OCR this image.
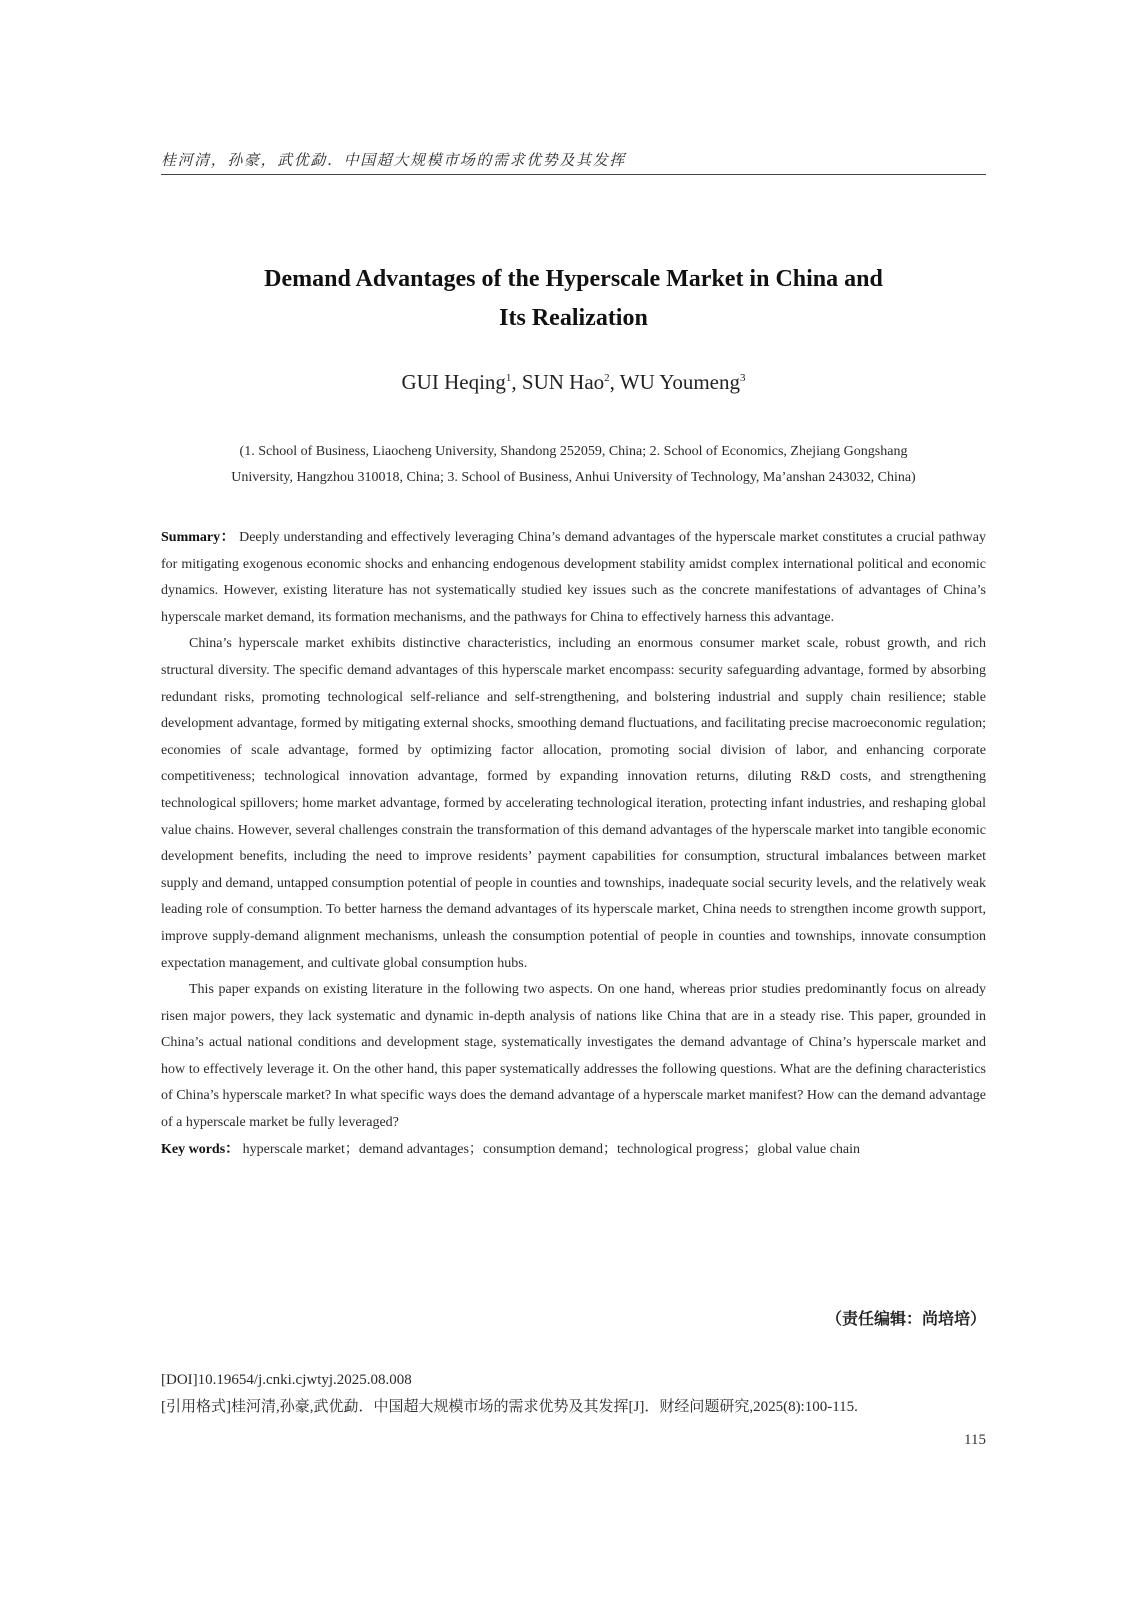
桂河清，孙豪，武优勐．中国超大规模市场的需求优势及其发挥
Demand Advantages of the Hyperscale Market in China and
Its Realization
GUI Heqing$^1$, SUN Hao$^2$, WU Youmeng$^3$
(1. School of Business, Liaocheng University, Shandong 252059, China; 2. School of Economics, Zhejiang Gongshang
University, Hangzhou 310018, China; 3. School of Business, Anhui University of Technology, Ma’anshan 243032, China)

Summary： Deeply understanding and effectively leveraging China’s demand advantages of the hyperscale market constitutes a crucial pathway for mitigating exogenous economic shocks and enhancing endogenous development stability amidst complex international political and economic dynamics. However, existing literature has not systematically studied key issues such as the concrete manifestations of advantages of China’s hyperscale market demand, its formation mechanisms, and the pathways for China to effectively harness this advantage.

China’s hyperscale market exhibits distinctive characteristics, including an enormous consumer market scale, robust growth, and rich structural diversity. The specific demand advantages of this hyperscale market encompass: security safeguarding advantage, formed by absorbing redundant risks, promoting technological self-reliance and self-strengthening, and bolstering industrial and supply chain resilience; stable development advantage, formed by mitigating external shocks, smoothing demand fluctuations, and facilitating precise macroeconomic regulation; economies of scale advantage, formed by optimizing factor allocation, promoting social division of labor, and enhancing corporate competitiveness; technological innovation advantage, formed by expanding innovation returns, diluting R&D costs, and strengthening technological spillovers; home market advantage, formed by accelerating technological iteration, protecting infant industries, and reshaping global value chains. However, several challenges constrain the transformation of this demand advantages of the hyperscale market into tangible economic development benefits, including the need to improve residents’ payment capabilities for consumption, structural imbalances between market supply and demand, untapped consumption potential of people in counties and townships, inadequate social security levels, and the relatively weak leading role of consumption. To better harness the demand advantages of its hyperscale market, China needs to strengthen income growth support, improve supply-demand alignment mechanisms, unleash the consumption potential of people in counties and townships, innovate consumption expectation management, and cultivate global consumption hubs.

This paper expands on existing literature in the following two aspects. On one hand, whereas prior studies predominantly focus on already risen major powers, they lack systematic and dynamic in-depth analysis of nations like China that are in a steady rise. This paper, grounded in China’s actual national conditions and development stage, systematically investigates the demand advantage of China’s hyperscale market and how to effectively leverage it. On the other hand, this paper systematically addresses the following questions. What are the defining characteristics of China’s hyperscale market? In what specific ways does the demand advantage of a hyperscale market manifest? How can the demand advantage of a hyperscale market be fully leveraged?

Key words： hyperscale market；demand advantages；consumption demand；technological progress；global value chain

（责任编辑：尚培培）
[DOI]10.19654/j.cnki.cjwtyj.2025.08.008
[引用格式]桂河清,孙豪,武优勐．中国超大规模市场的需求优势及其发挥[J]．财经问题研究,2025(8):100-115.
115
